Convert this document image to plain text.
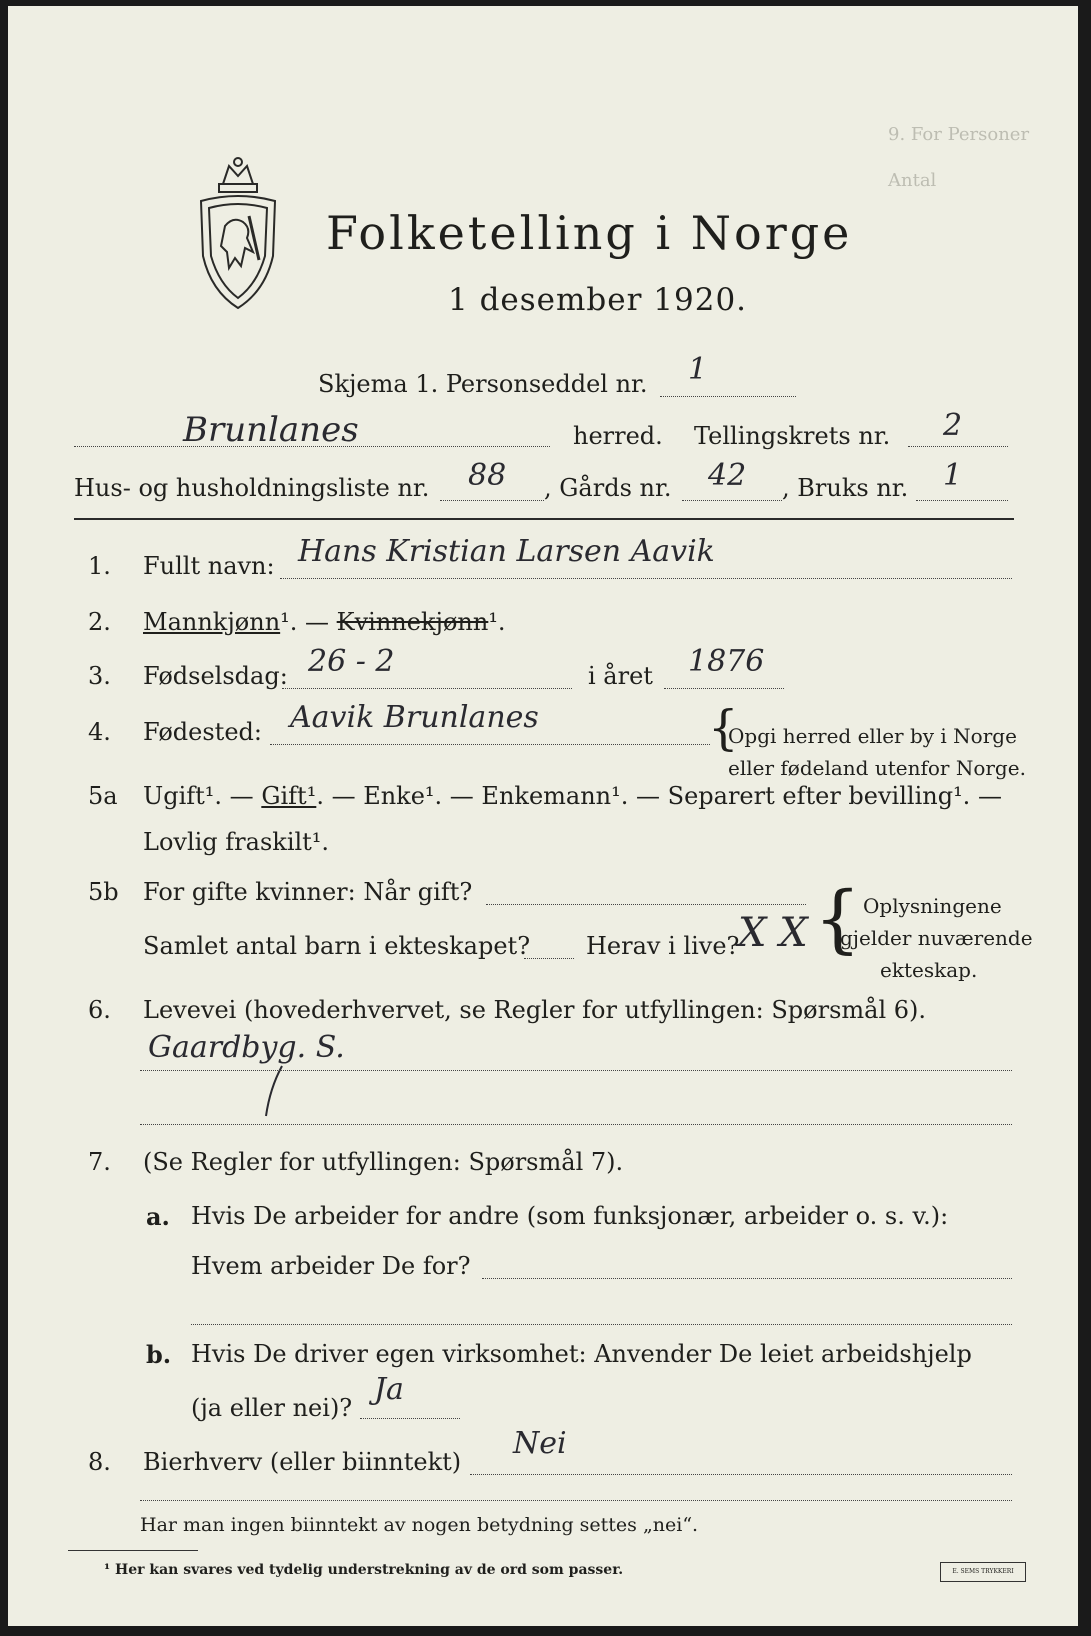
Folketelling i Norge
1 desember 1920.
9. For Personer
Antal
Skjema 1. Personseddel nr. 1
Brunlanes	herred. Tellingskrets nr. 2
Hus- og husholdningsliste nr. 88 , Gårds nr. 42 , Bruks nr. 1
1. Fullt navn: Hans Kristian Larsen Aavik
2. Mannkjønn¹. — Kvinnekjønn¹.
3. Fødselsdag: 26 - 2	i året 1876
4. Fødested: Aavik Brunlanes	{
Opgi herred eller by i Norge
eller fødeland utenfor Norge.
5a Ugift¹. — Gift¹. — Enke¹. — Enkemann¹. — Separert efter bevilling¹. —
Lovlig fraskilt¹.
5b For gifte kvinner: Når gift?
Samlet antal barn i ekteskapet? Herav i live?
X X { Oplysningene
gjelder nuværende
ekteskap.
6. Levevei (hovederhvervet, se Regler for utfyllingen: Spørsmål 6).
Gaardbyg. S.
7. (Se Regler for utfyllingen: Spørsmål 7).
a. Hvis De arbeider for andre (som funksjonær, arbeider o. s. v.):
Hvem arbeider De for?
b. Hvis De driver egen virksomhet: Anvender De leiet arbeidshjelp
(ja eller nei)?
Ja
8. Bierhverv (eller biinntekt)
Nei
Har man ingen biinntekt av nogen betydning settes „nei“.
¹ Her kan svares ved tydelig understrekning av de ord som passer.	E. SEMS TRYKKERI
